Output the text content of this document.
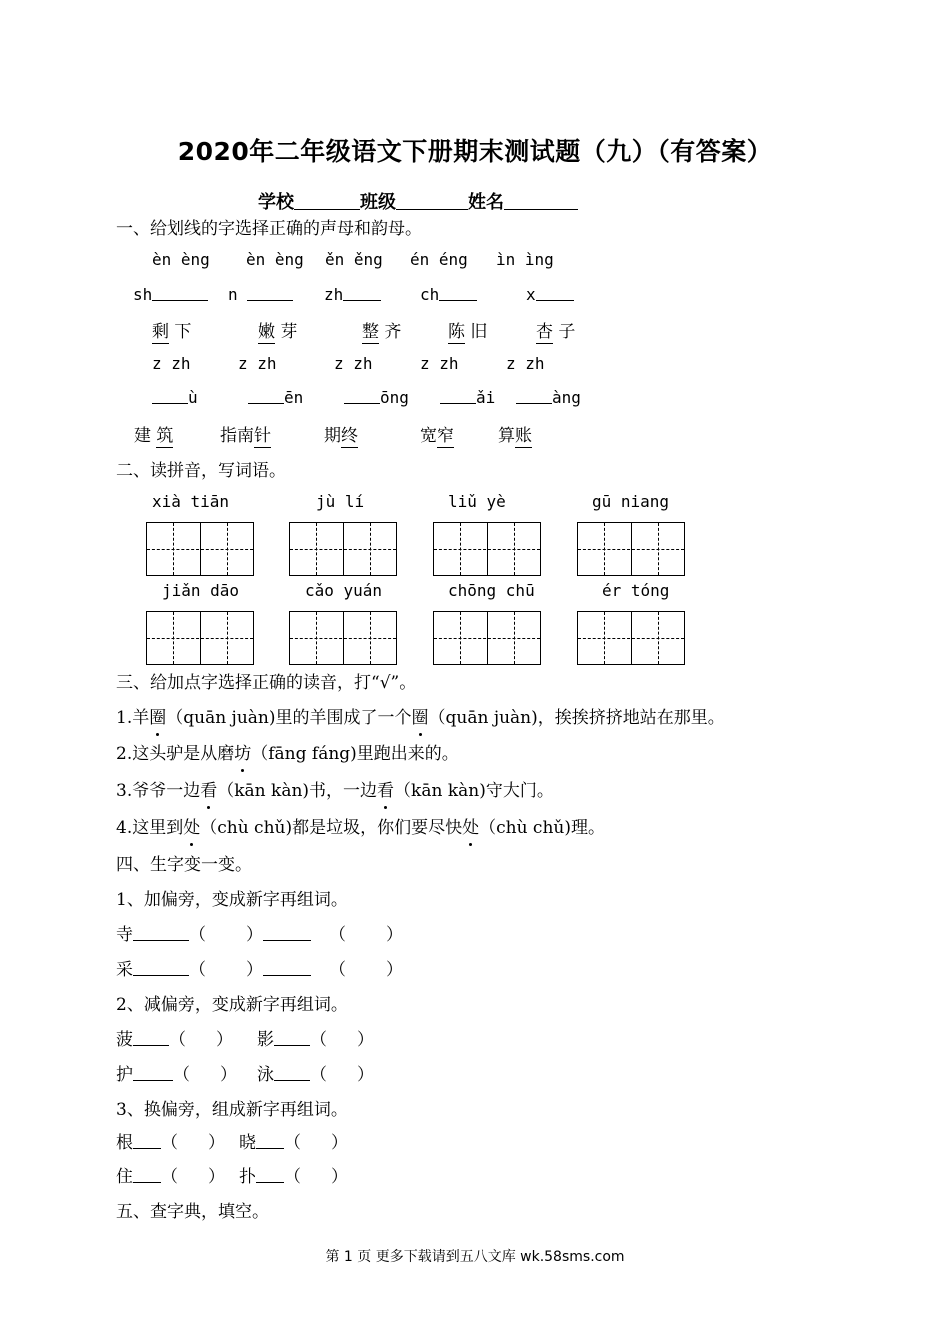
2020年二年级语文下册期末测试题（九）（有答案）
学校	班级	姓名
一、给划线的字选择正确的声母和韵母。
èn èng èn èng ěn ěng én éng ìn ìng
sh	n	zh	ch	x
剩 下	嫩 芽	整 齐	陈 旧	杏 子
z zh	z zh	z zh	z zh	z zh
ù	ēn	ōng	ǎi	àng
建 筑	指南针	期终	宽窄	算账
二、读拼音，写词语。
xià tiān	jù lí	liǔ yè	gū niang
jiǎn dāo	cǎo yuán	chōng chū	ér tóng
三、给加点字选择正确的读音，打“√”。
1.羊圈（quān juàn)里的羊围成了一个圈（quān juàn)，挨挨挤挤地站在那里。
2.这头驴是从磨坊（fāng fáng)里跑出来的。
3.爷爷一边看（kān kàn)书，一边看（kān kàn)守大门。
4.这里到处（chù chǔ)都是垃圾，你们要尽快处（chù chǔ)理。
四、生字变一变。
1、加偏旁，变成新字再组词。
寺	（ ）	（ ）
采	（ ）	（ ）
2、减偏旁，变成新字再组词。
菠 （ ） 影 （ ）
护 （ ） 泳 （ ）
3、换偏旁，组成新字再组词。
根 （ ） 晓 （ ）
住 （ ） 扑 （ ）
五、查字典，填空。
第 1 页 更多下载请到五八文库 wk.58sms.com
